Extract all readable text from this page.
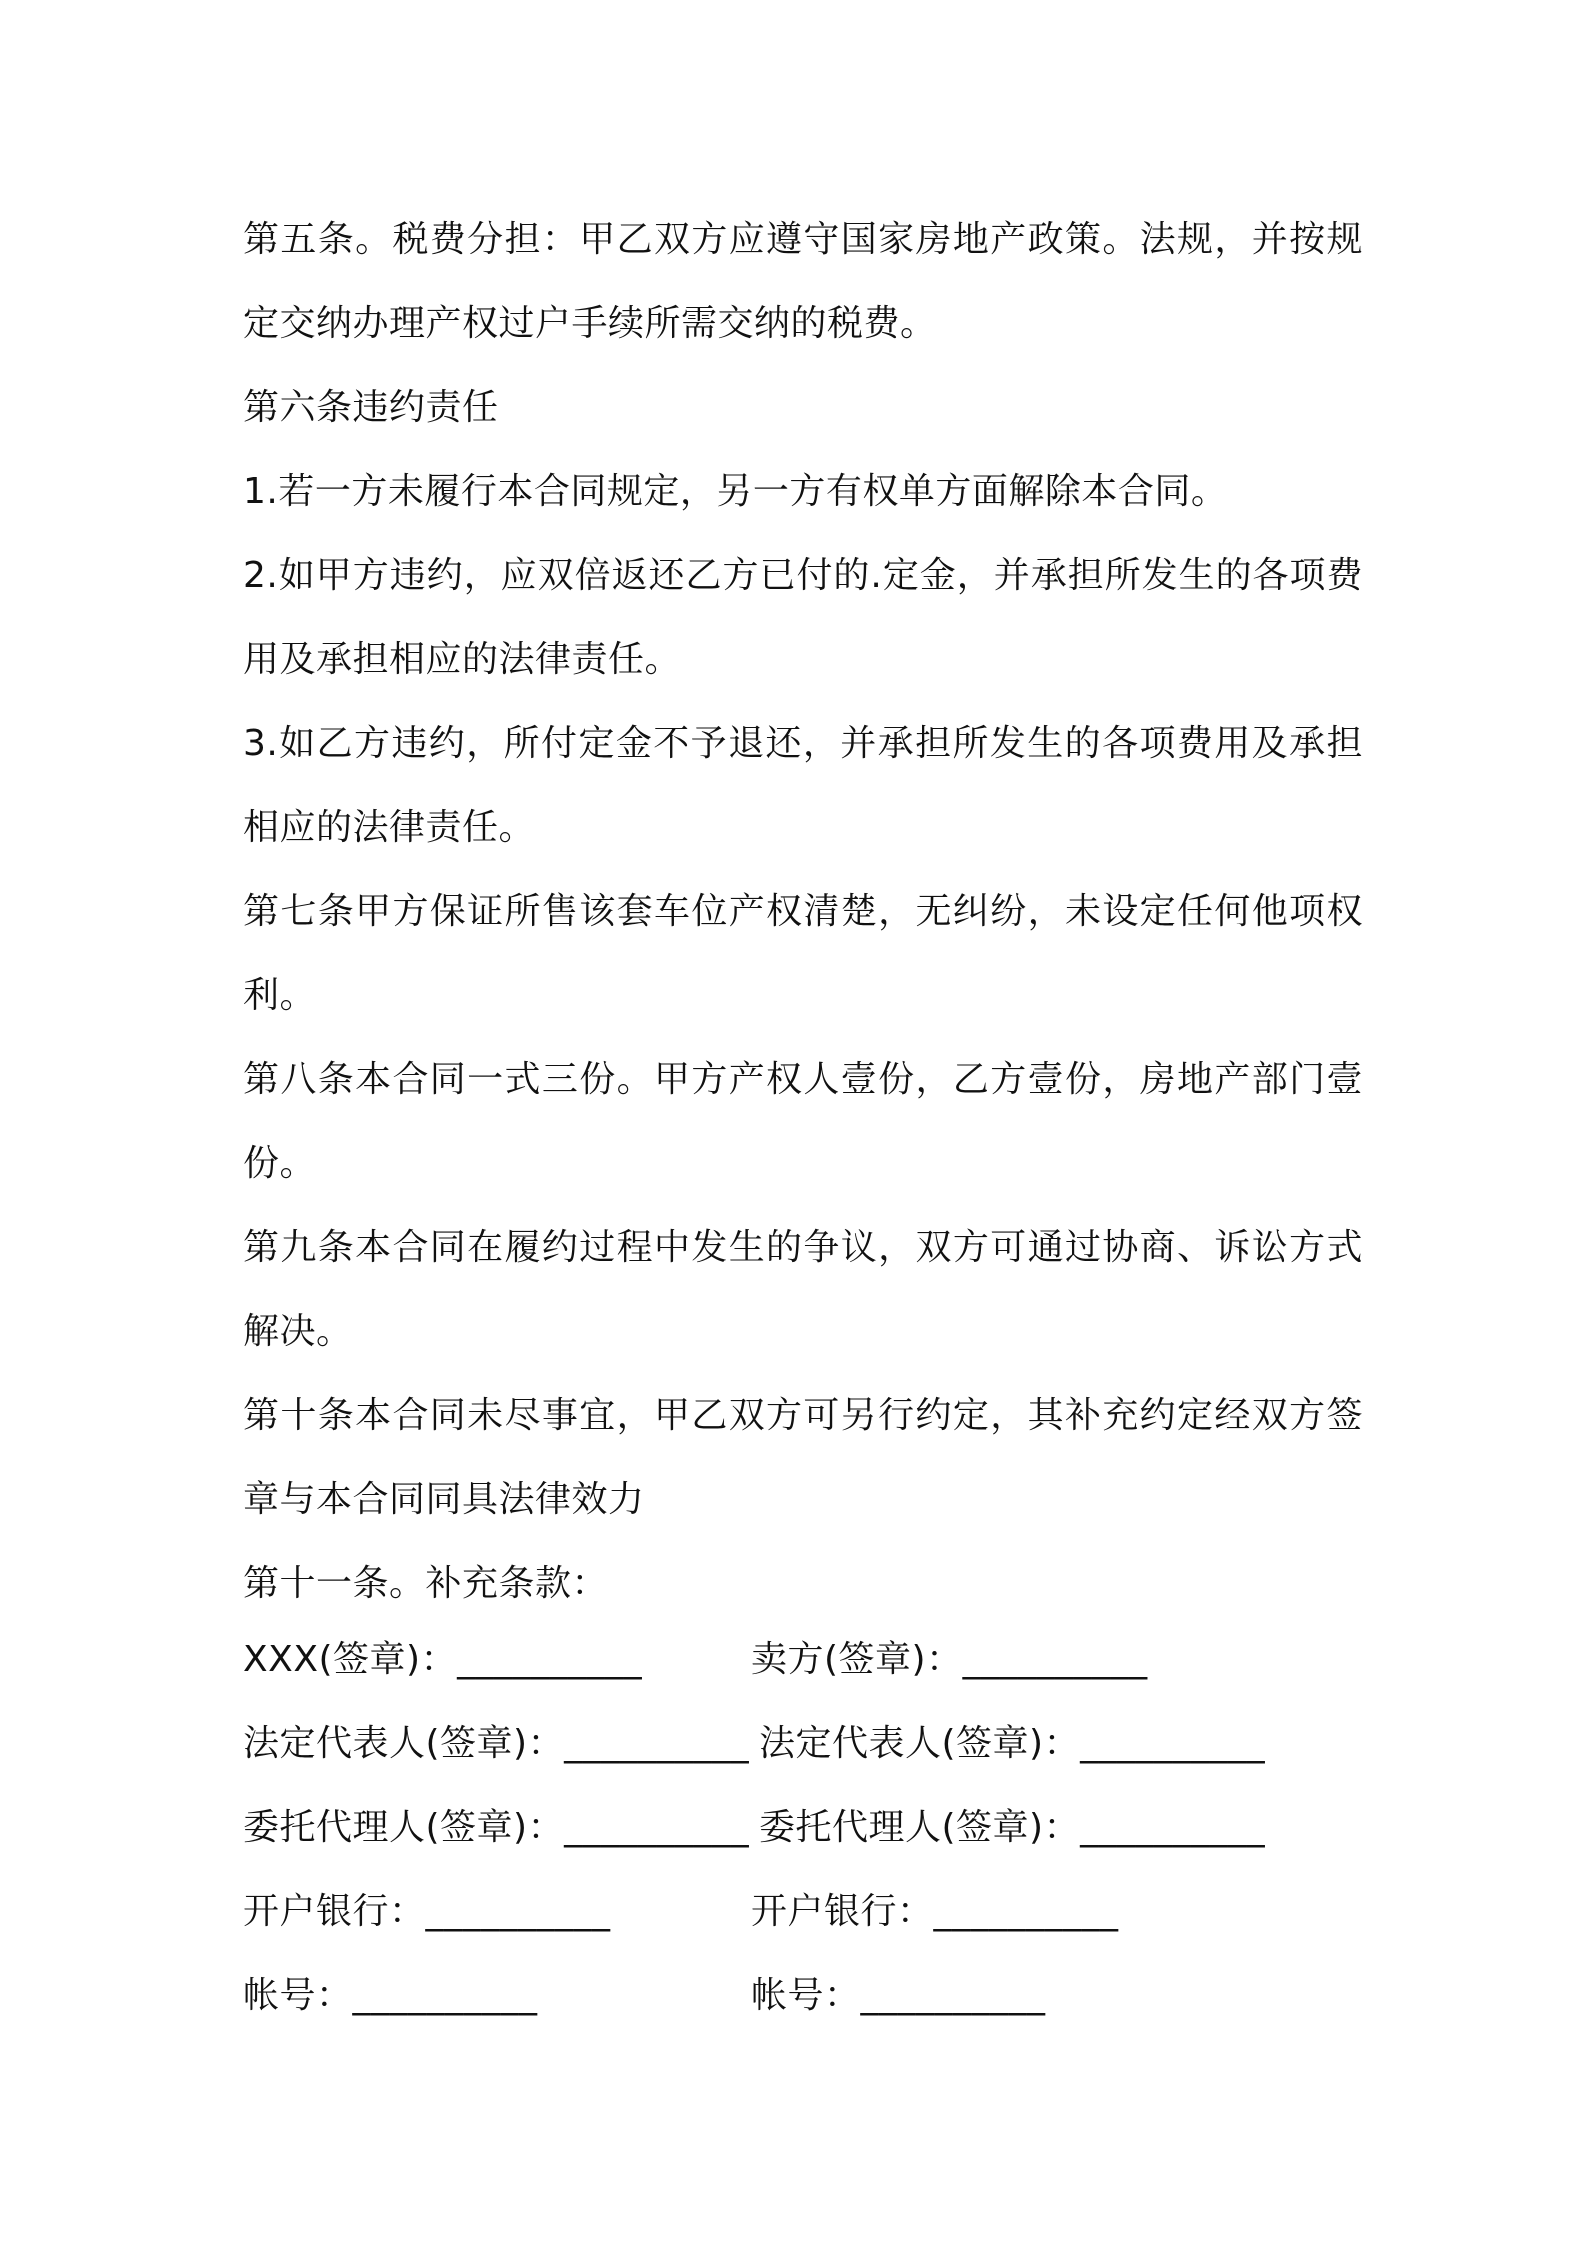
第五条。税费分担：甲乙双方应遵守国家房地产政策。法规，并按规定交纳办理产权过户手续所需交纳的税费。

第六条违约责任

1.若一方未履行本合同规定，另一方有权单方面解除本合同。

2.如甲方违约，应双倍返还乙方已付的.定金，并承担所发生的各项费用及承担相应的法律责任。

3.如乙方违约，所付定金不予退还，并承担所发生的各项费用及承担相应的法律责任。

第七条甲方保证所售该套车位产权清楚，无纠纷，未设定任何他项权利。

第八条本合同一式三份。甲方产权人壹份，乙方壹份，房地产部门壹份。

第九条本合同在履约过程中发生的争议，双方可通过协商、诉讼方式解决。

第十条本合同未尽事宜，甲乙双方可另行约定，其补充约定经双方签章与本合同同具法律效力

第十一条。补充条款：

XXX(签章)：__________	卖方(签章)：__________
法定代表人(签章)：__________ 法定代表人(签章)：__________
委托代理人(签章)：__________ 委托代理人(签章)：__________
开户银行：__________	开户银行：__________
帐号：__________	帐号：__________
